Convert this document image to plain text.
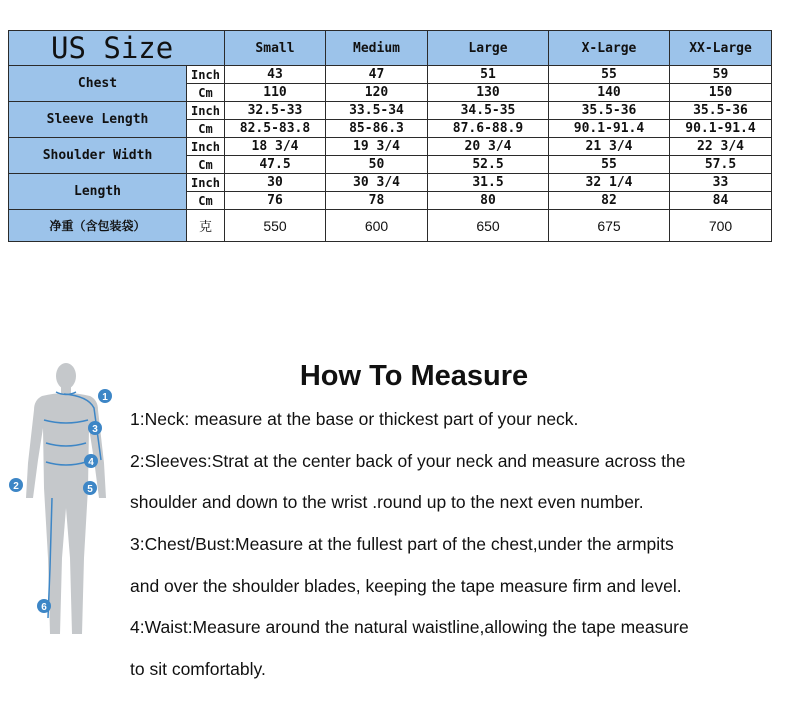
US Size		Small	Medium	Large	X-Large	XX-Large
Chest	Inch	43	47	51	55	59
	Cm	110	120	130	140	150
Sleeve Length	Inch	32.5-33	33.5-34	34.5-35	35.5-36	35.5-36
	Cm	82.5-83.8	85-86.3	87.6-88.9	90.1-91.4	90.1-91.4
Shoulder Width	Inch	18 3/4	19 3/4	20 3/4	21 3/4	22 3/4
	Cm	47.5	50	52.5	55	57.5
Length	Inch	30	30 3/4	31.5	32 1/4	33
	Cm	76	78	80	82	84
净重（含包装袋）	克	550	600	650	675	700
1
2
3
4
5
6
How To Measure
1:Neck: measure at the base or thickest part of your neck.
2:Sleeves:Strat at the center back of your neck and measure across the
shoulder and down to the wrist .round up to the next even number.
3:Chest/Bust:Measure at the fullest part of the chest,under the armpits
and over the shoulder blades, keeping the tape measure firm and level.
4:Waist:Measure around the natural waistline,allowing the tape measure
to sit comfortably.
